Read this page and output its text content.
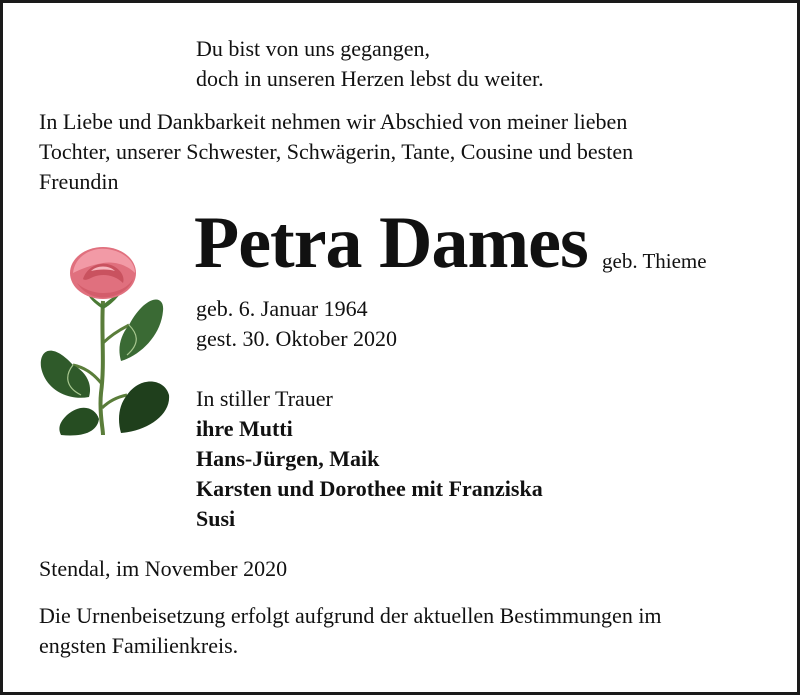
Du bist von uns gegangen,
doch in unseren Herzen lebst du weiter.
In Liebe und Dankbarkeit nehmen wir Abschied von meiner lieben
Tochter, unserer Schwester, Schwägerin, Tante, Cousine und besten
Freundin
Petra Dames geb. Thieme
geb. 6. Januar 1964
gest. 30. Oktober 2020
In stiller Trauer
ihre Mutti
Hans-Jürgen, Maik
Karsten und Dorothee mit Franziska
Susi
Stendal, im November 2020
Die Urnenbeisetzung erfolgt aufgrund der aktuellen Bestimmungen im
engsten Familienkreis.
